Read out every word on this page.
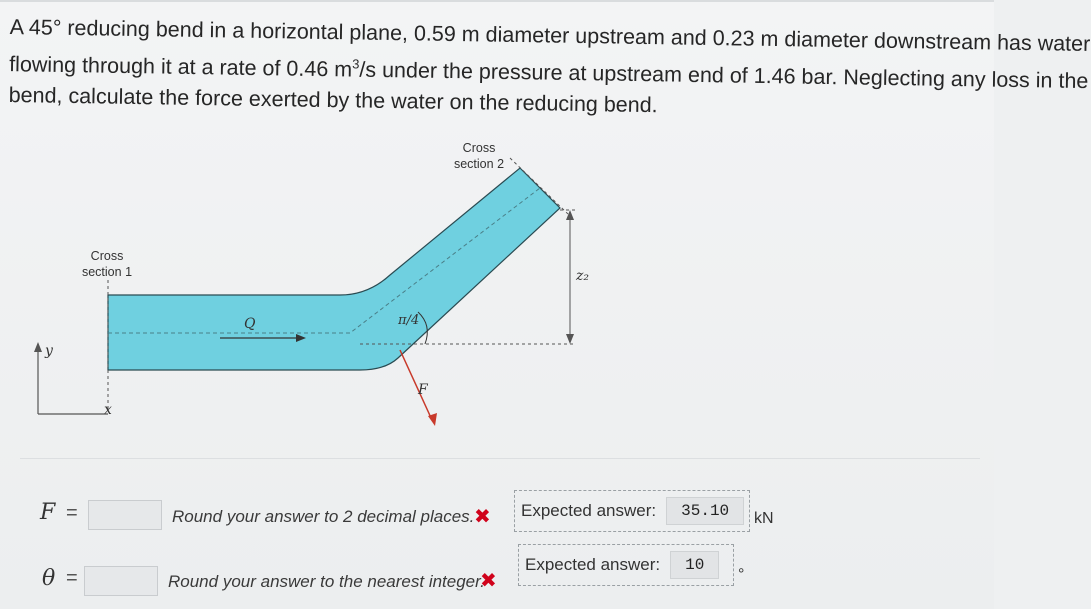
A 45° reducing bend in a horizontal plane, 0.59 m diameter upstream and 0.23 m diameter downstream has water
flowing through it at a rate of 0.46 $m^3/s$ under the pressure at upstream end of 1.46 bar. Neglecting any loss in the
bend, calculate the force exerted by the water on the reducing bend.
Cross
section 1
Cross
section 2
Q	π/4
F
z₂
y
x
F =	Round your answer to 2 decimal places. ✖ Expected answer:	35.10	kN
θ =	Round your answer to the nearest integer.
✖
Expected answer:	10
°
